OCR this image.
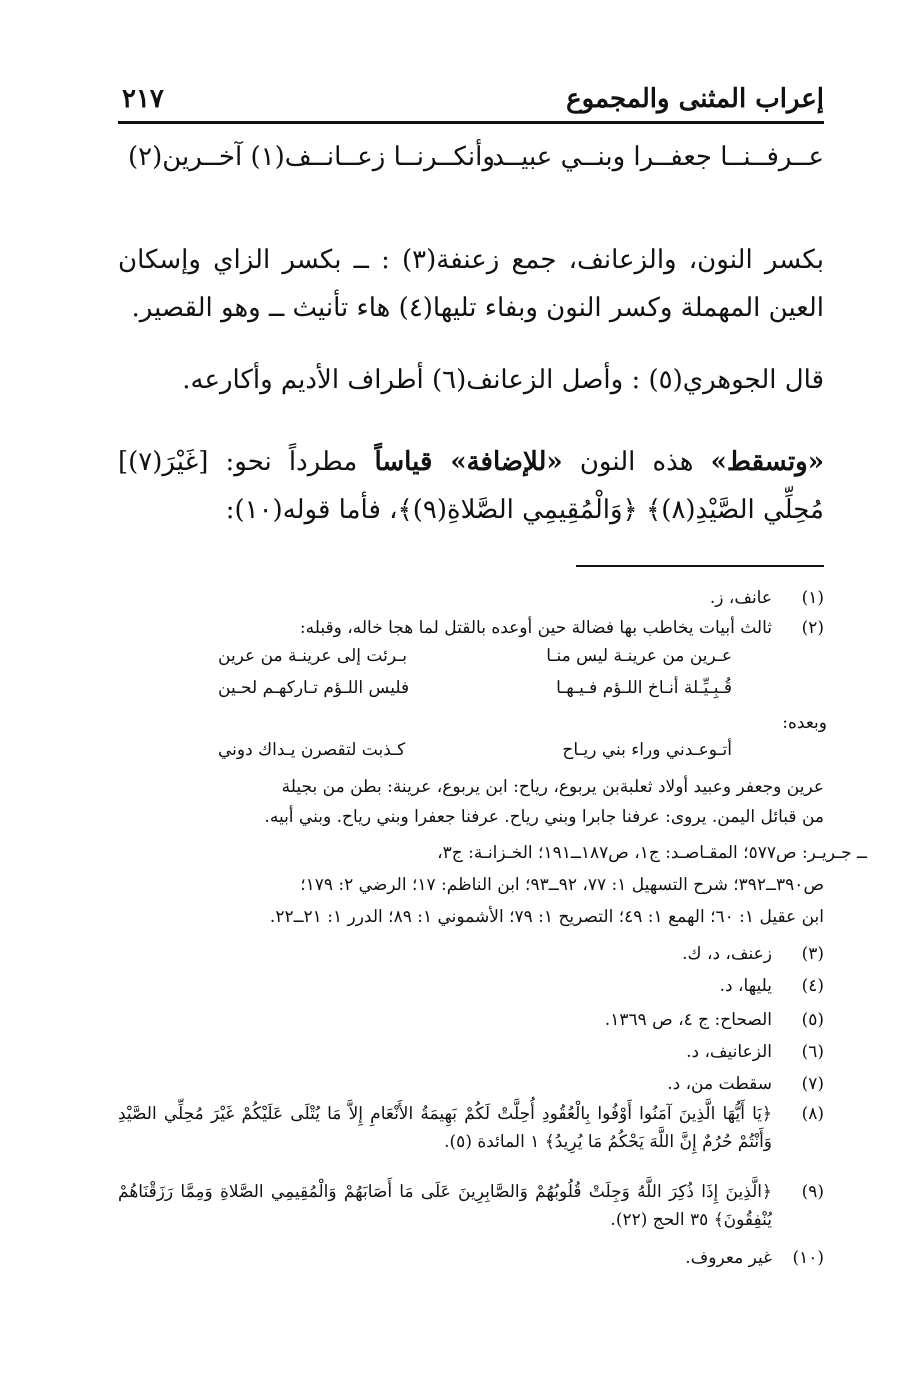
إعراب المثنى والمجموع
٢١٧
عــرفــنــا جعفــرا وبنــي عبيــد
وأنكــرنــا زعــانــف(١) آخــرين(٢)
بكسر النون، والزعانف، جمع زعنفة(٣) : ــ بكسر الزاي وإسكان العين المهملة وكسر النون وبفاء تليها(٤) هاء تأنيث ــ وهو القصير.
قال الجوهري(٥) : وأصل الزعانف(٦) أطراف الأديم وأكارعه.
«وتسقط» هذه النون «للإضافة» قياساً مطرداً نحو: [غَيْرَ(٧)] مُحِلِّي الصَّيْدِ(٨)﴾ ﴿وَالْمُقِيمِي الصَّلاةِ(٩)﴾، فأما قوله(١٠):
(١)
عانف، ز.
(٢)
ثالث أبيات يخاطب بها فضالة حين أوعده بالقتل لما هجا خاله، وقبله:
عـرين من عرينـة ليس منـا
بـرئت إلى عرينـة من عرين
قُـبِـيِّـلة أنـاخ اللـؤم فـيـهـا
فليس اللـؤم تـاركهـم لحـين
وبعده:
أتـوعـدني وراء بني ريـاح
كـذبت لتقصرن يـداك دوني
عرين وجعفر وعبيد أولاد ثعلبةبن يربوع، رياح: ابن يربوع، عرينة: بطن من بجيلة
من قبائل اليمن. يروى: عرفنا جابرا وبني رياح. عرفنا جعفرا وبني رياح. وبني أبيه.
ــ جـريـر: ص٥٧٧؛ المقـاصـد: ج١، ص١٨٧ــ١٩١؛ الخـزانـة: ج٣،
ص٣٩٠ــ٣٩٢؛ شرح التسهيل ١: ٧٧، ٩٢ــ٩٣؛ ابن الناظم: ١٧؛ الرضي ٢: ١٧٩؛
ابن عقيل ١: ٦٠؛ الهمع ١: ٤٩؛ التصريح ١: ٧٩؛ الأشموني ١: ٨٩؛ الدرر ١: ٢١ــ٢٢.
(٣)
زعنف، د، ك.
(٤)
يليها، د.
(٥)
الصحاح: ج ٤، ص ١٣٦٩.
(٦)
الزعانيف، د.
(٧)
سقطت من، د.
(٨)
﴿يَا أَيُّهَا الَّذِينَ آمَنُوا أَوْفُوا بِالْعُقُودِ أُحِلَّتْ لَكُمْ بَهِيمَةُ الأَنْعَامِ إِلاَّ مَا يُتْلَى عَلَيْكُمْ غَيْرَ مُحِلِّي الصَّيْدِ وَأَنْتُمْ حُرُمٌ إِنَّ اللَّهَ يَحْكُمُ مَا يُرِيدُ﴾ ١ المائدة (٥).
(٩)
﴿الَّذِينَ إِذَا ذُكِرَ اللَّهُ وَجِلَتْ قُلُوبُهُمْ وَالصَّابِرِينَ عَلَى مَا أَصَابَهُمْ وَالْمُقِيمِي الصَّلاةِ وَمِمَّا رَزَقْنَاهُمْ يُنْفِقُونَ﴾ ٣٥ الحج (٢٢).
(١٠)
غير معروف.
